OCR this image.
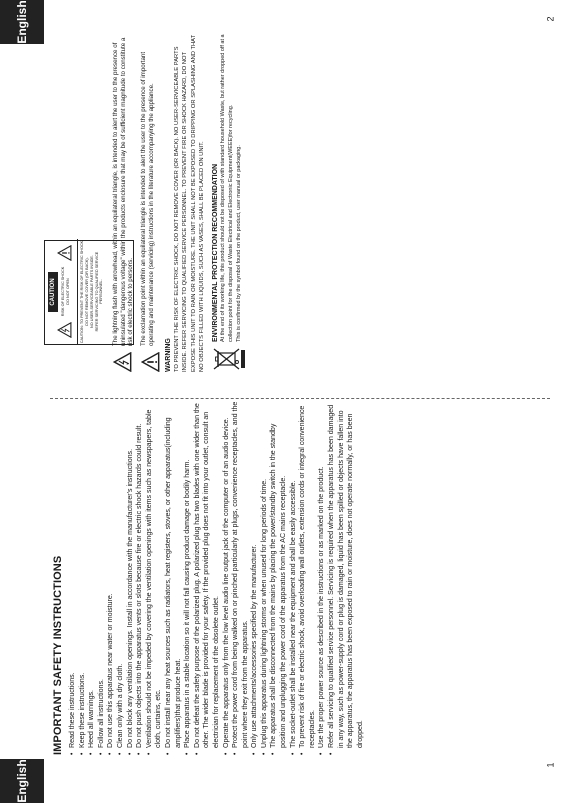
English
English	1
2
IMPORTANT SAFETY INSTRUCTIONS • Read these instructions. • Keep these instructions. • Heed all warnings. • Follow all instructions. • Do not use this apparatus near water or moisture. • Clean only with a dry cloth. • Do not block any ventilation openings. Install in accordance with the manufacturer's instructions. • Do not push objects into the apparatus vents or slots because fire or electric shock hazards could result. • Ventilation should not be impeded by covering the ventilation openings with items such as newspapers, table cloth, curtains, etc. • Do not install near any heat sources such as radiators, heat registers, stoves, or other apparatus(including amplifiers)that produce heat. • Place apparatus in a stable location so it will not fall causing product damage or bodily harm. • Do not defeat the safety purpose of the polarized plug. A polarized plug has two blades with one wider than the other. The wider blade is provided for your safety. If the provided plug does not fit into your outlet, consult an electrician for replacement of the obsolete outlet. • Operate the apparatus only from the low level audio line output jack of the computer or of an audio device. • Protect the power cord from being walked on or pinched particularly at plugs, convenience receptacles, and the point where they exit from the apparatus. • Only use attachments/accessories specified by the manufacturer. • Unplug this apparatus during lightning storms or when unused for long periods of time. • The apparatus shall be disconnected from the mains by placing the power/standby switch in the standby position and unplugging the power cord of the apparatus from the AC mains receptacle. • The socket-outlet shall be installed near the equipment and shall be easily accessible. • To prevent risk of fire or electric shock, avoid overloading wall outlets, extension cords or integral convenience receptacles. • Use the proper power source as described in the instructions or as marked on the product. • Refer all servicing to qualified service personnel. Servicing is required when the apparatus has been damaged in any way, such as power-supply cord or plug is damaged, liquid has been spilled or objects have fallen into the apparatus, the apparatus has been exposed to rain or moisture, does not operate normally, or has been dropped.
CAUTION	RISK OF ELECTRIC SHOCK DO NOT OPEN	CAUTION: TO PREVENT THE RISK OF ELECTRIC SHOCK, DO NOT REMOVE COVER (OR BACK). NO USER-SERVICEABLE PARTS INSIDE. REFER SERVICING TO QUALIFIED SERVICE PERSONNEL. The lightning flash with arrowhead, within an equilateral triangle, is intended to alert the user to the presence of uninsulated "dangerous voltage" within the products enclosure that may be of sufficient magnitude to constitute a risk of electric shock to persons. The exclamation point within an equilateral triangle is intended to alert the user to the presence of important operating and maintenance (servicing) instructions in the literature accompanying the appliance.

WARNING TO PREVENT THE RISK OF ELECTRIC SHOCK, DO NOT REMOVE COVER (OR BACK). NO USER-SERVICEABLE PARTS INSIDE. REFER SERVICING TO QUALIFIED SERVICE PERSONNEL. TO PREVENT FIRE OR SHOCK HAZARD, DO NOT EXPOSE THIS UNIT TO RAIN OR MOISTURE. THE UNIT SHALL NOT BE EXPOSED TO DRIPPING OR SPLASHING AND THAT NO OBJECTS FILLED WITH LIQUIDS, SUCH AS VASES, SHALL BE PLACED ON UNIT. ENVIRONMENTAL PROTECTION RECOMMENDATION At the end of its working life, this product should not be disposed of with standard household Waste, but rather dropped off at a collection point for the disposal of Waste Electrical and Electronic Equipment(WEEE)for recycling. This is confirmed by the symbol found on the product, user manual or packaging.
